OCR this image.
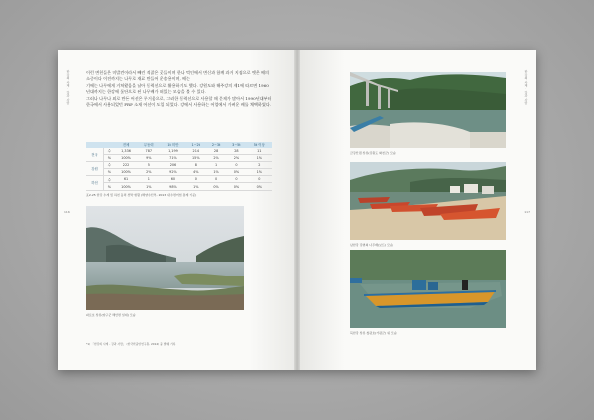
한강의 사계 · 강과 사람
116

이런 변천들은 미발견이라서 빼린 적잖은 곳들이며 한나 먹인에서 변신과 함께 과거 지점으로 옛은 배의 소중이다 이전까지는 나무로 재료 만들어 운송용이며, 배는

기에는 나무에게 거쳐왔음을 남아 동력선으로 활용하기도 했다. 강원도와 해주강의 제1에 따르면 1960년대까지는 한강에 돛단으로 된 나무배가 떠있는 모습을 볼 수 있다.

그러나 나무나 외로 만든 어선은 무거움으로, 그러한 동력선으로 사용할 때 문제가 많아서 1990년대부터 한국에서 사용되었던 FRP 소재 어선이 도입 되었다. 강에서 사용하는 어업에서 가벼운 배를 채택하였다.

		전체	무동력	1t 미만	1~2t	2~3t	3~5t	5t 이상
전국	수	1,336	787	1,199	214	28	28	11
	%	100%	9%	71%	15%	2%	2%	1%
강원	수	222	5	206	8	1	0	2
	%	100%	2%	92%	4%	1%	0%	1%
하천	수	61	1	60	0	0	0	0
	%	100%	1%	98%	1%	0%	0%	0%
표2-25 한강 수계 및 하천 동력 선박 현황 (해양수산부, 2013 내수면어업 통계 기준)
파로호 상류(양구군 해안면 일대) 모습
*1) 「한강의 사계 - 강과 사람」 (한국학중앙연구원, 2014) 중 발췌 기록
한강의 사계 · 강과 사람
117
금강산댐 상류(강원도 화천군) 모습
남한강 강변의 나무배(보트) 모습
북한강 상류 청평호(가평군) 위 모습
